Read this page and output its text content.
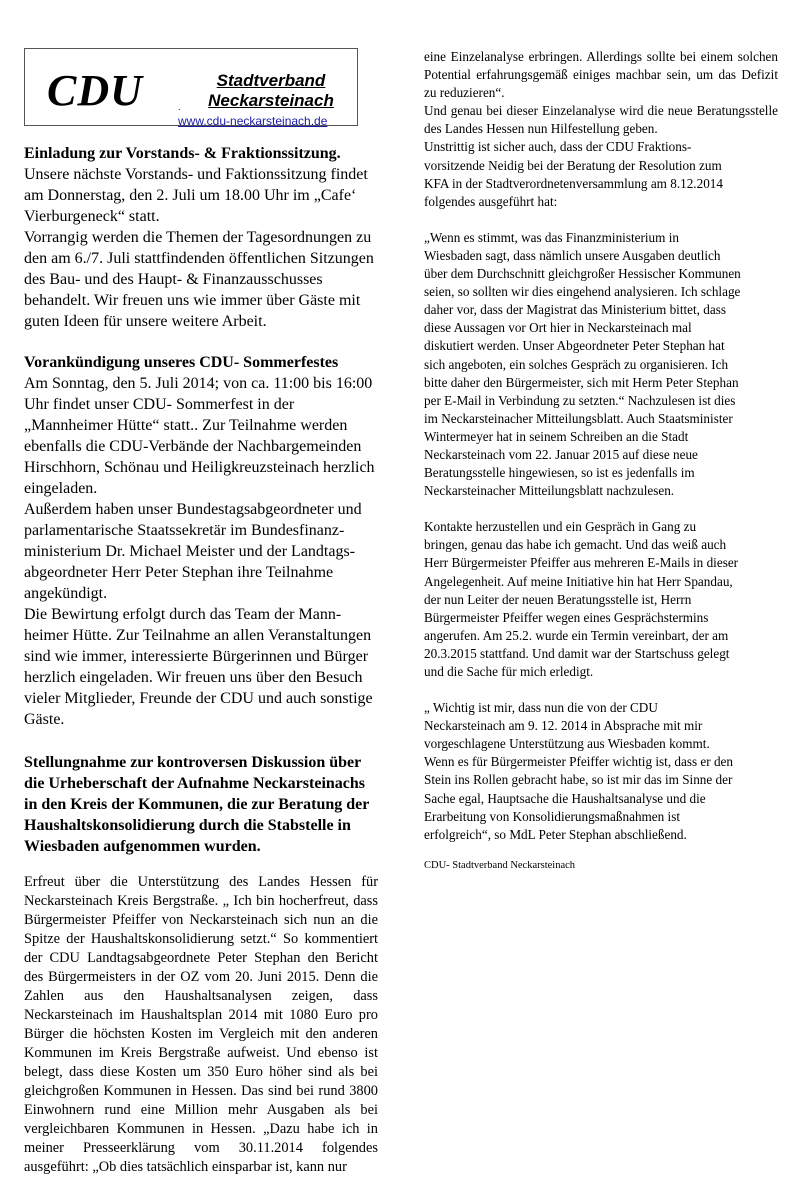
CDU	Stadtverband
Neckarsteinach
.
www.cdu-neckarsteinach.de

Einladung zur Vorstands- & Fraktionssitzung.

Unsere nächste Vorstands- und Faktionssitzung findet

am Donnerstag, den 2. Juli um 18.00 Uhr im „Cafe‘

Vierburgeneck“ statt.

Vorrangig werden die Themen der Tagesordnungen zu

den am 6./7. Juli stattfindenden öffentlichen Sitzungen

des Bau- und des Haupt- & Finanzausschusses

behandelt. Wir freuen uns wie immer über Gäste mit

guten Ideen für unsere weitere Arbeit.

Vorankündigung unseres CDU- Sommerfestes

Am Sonntag, den 5. Juli 2014; von ca. 11:00 bis 16:00

Uhr findet unser CDU- Sommerfest in der

„Mannheimer Hütte“ statt.. Zur Teilnahme werden

ebenfalls die CDU-Verbände der Nachbargemeinden

Hirschhorn, Schönau und Heiligkreuzsteinach herzlich

eingeladen.

Außerdem haben unser Bundestagsabgeordneter und

parlamentarische Staatssekretär im Bundesfinanz-

ministerium Dr. Michael Meister und der Landtags-

abgeordneter Herr Peter Stephan ihre Teilnahme

angekündigt.

Die Bewirtung erfolgt durch das Team der Mann-

heimer Hütte. Zur Teilnahme an allen Veranstaltungen

sind wie immer, interessierte Bürgerinnen und Bürger

herzlich eingeladen. Wir freuen uns über den Besuch

vieler Mitglieder, Freunde der CDU und auch sonstige

Gäste.

Stellungnahme zur kontroversen Diskussion über

die Urheberschaft der Aufnahme Neckarsteinachs

in den Kreis der Kommunen, die zur Beratung der

Haushaltskonsolidierung durch die Stabstelle in

Wiesbaden aufgenommen wurden.

Erfreut über die Unterstützung des Landes Hessen für Neckarsteinach Kreis Bergstraße. „ Ich bin hocherfreut, dass Bürgermeister Pfeiffer von Neckarsteinach sich nun an die Spitze der Haushaltskonsolidierung setzt.“ So kommentiert der CDU Landtagsabgeordnete Peter Stephan den Bericht des Bürgermeisters in der OZ vom 20. Juni 2015. Denn die Zahlen aus den Haushaltsanalysen zeigen, dass Neckarsteinach im Haushaltsplan 2014 mit 1080 Euro pro Bürger die höchsten Kosten im Vergleich mit den anderen Kommunen im Kreis Bergstraße aufweist. Und ebenso ist belegt, dass diese Kosten um 350 Euro höher sind als bei gleichgroßen Kommunen in Hessen. Das sind bei rund 3800 Einwohnern rund eine Million mehr Ausgaben als bei vergleichbaren Kommunen in Hessen. „Dazu habe ich in meiner Presseerklärung vom 30.11.2014 folgendes ausgeführt: „Ob dies tatsächlich einsparbar ist, kann nur

eine Einzelanalyse erbringen. Allerdings sollte bei einem solchen Potential erfahrungsgemäß einiges machbar sein, um das Defizit zu reduzieren“.

Und genau bei dieser Einzelanalyse wird die neue Beratungsstelle des Landes Hessen nun Hilfestellung geben.

Unstrittig ist sicher auch, dass der CDU Fraktions-

vorsitzende Neidig bei der Beratung der Resolution zum

KFA in der Stadtverordnetenversammlung am 8.12.2014

folgendes ausgeführt hat:

„Wenn es stimmt, was das Finanzministerium in

Wiesbaden sagt, dass nämlich unsere Ausgaben deutlich

über dem Durchschnitt gleichgroßer Hessischer Kommunen

seien, so sollten wir dies eingehend analysieren. Ich schlage

daher vor, dass der Magistrat das Ministerium bittet, dass

diese Aussagen vor Ort hier in Neckarsteinach mal

diskutiert werden. Unser Abgeordneter Peter Stephan hat

sich angeboten, ein solches Gespräch zu organisieren. Ich

bitte daher den Bürgermeister, sich mit Herm Peter Stephan

per E-Mail in Verbindung zu setzten.“ Nachzulesen ist dies

im Neckarsteinacher Mitteilungsblatt. Auch Staatsminister

Wintermeyer hat in seinem Schreiben an die Stadt

Neckarsteinach vom 22. Januar 2015 auf diese neue

Beratungsstelle hingewiesen, so ist es jedenfalls im

Neckarsteinacher Mitteilungsblatt nachzulesen.

Kontakte herzustellen und ein Gespräch in Gang zu

bringen, genau das habe ich gemacht. Und das weiß auch

Herr Bürgermeister Pfeiffer aus mehreren E-Mails in dieser

Angelegenheit. Auf meine Initiative hin hat Herr Spandau,

der nun Leiter der neuen Beratungsstelle ist, Herrn

Bürgermeister Pfeiffer wegen eines Gesprächstermins

angerufen. Am 25.2. wurde ein Termin vereinbart, der am

20.3.2015 stattfand. Und damit war der Startschuss gelegt

und die Sache für mich erledigt.

„ Wichtig ist mir, dass nun die von der CDU

Neckarsteinach am 9. 12. 2014 in Absprache mit mir

vorgeschlagene Unterstützung aus Wiesbaden kommt.

Wenn es für Bürgermeister Pfeiffer wichtig ist, dass er den

Stein ins Rollen gebracht habe, so ist mir das im Sinne der

Sache egal, Hauptsache die Haushaltsanalyse und die

Erarbeitung von Konsolidierungsmaßnahmen ist

erfolgreich“, so MdL Peter Stephan abschließend.

CDU- Stadtverband Neckarsteinach
